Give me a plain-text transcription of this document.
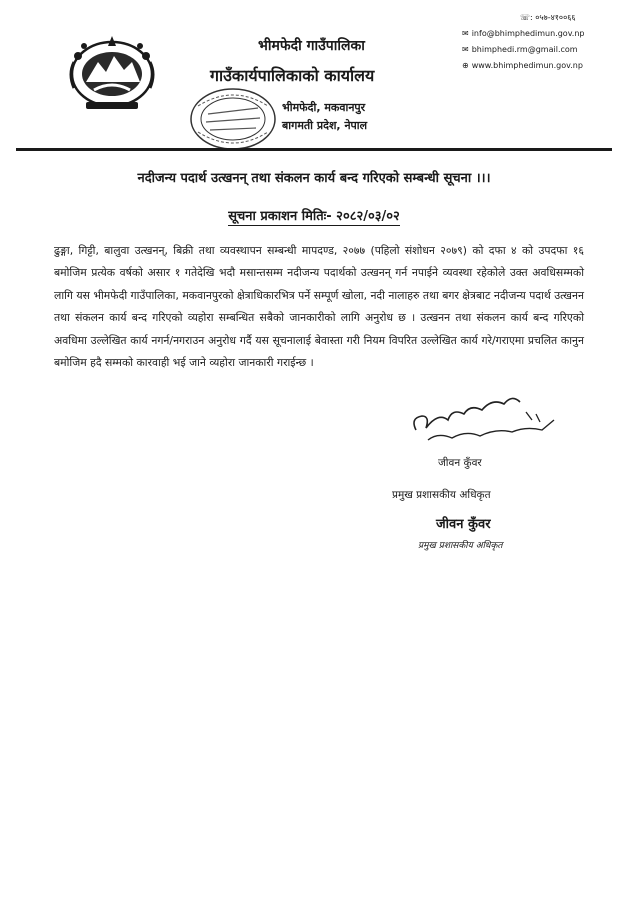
भीमफेदी गाउँपालिका
गाउँकार्यपालिकाको कार्यालय
भीमफेदी, मकवानपुर
बागमती प्रदेश, नेपाल
☏: ०५७-४१००६६
✉ info@bhimphedimun.gov.np
✉ bhimphedi.rm@gmail.com
⊕ www.bhimphedimun.gov.np
नदीजन्य पदार्थ उत्खनन् तथा संकलन कार्य बन्द गरिएको सम्बन्धी सूचना ।।।
सूचना प्रकाशन मितिः- २०८२/०३/०२
ढुङ्गा, गिट्टी, बालुवा उत्खनन्, बिक्री तथा व्यवस्थापन सम्बन्धी मापदण्ड, २०७७ (पहिलो संशोधन २०७९) को दफा ४ को उपदफा १६ बमोजिम प्रत्येक वर्षको असार १ गतेदेखि भदौ मसान्तसम्म नदीजन्य पदार्थको उत्खनन् गर्न नपाईने व्यवस्था रहेकोले उक्त अवधिसम्मको लागि यस भीमफेदी गाउँपालिका, मकवानपुरको क्षेत्राधिकारभित्र पर्ने सम्पूर्ण खोला, नदी नालाहरु तथा बगर क्षेत्रबाट नदीजन्य पदार्थ उत्खनन तथा संकलन कार्य बन्द गरिएको व्यहोरा सम्बन्धित सबैको जानकारीको लागि अनुरोध छ । उत्खनन तथा संकलन कार्य बन्द गरिएको अवधिमा उल्लेखित कार्य नगर्न/नगराउन अनुरोध गर्दै यस सूचनालाई बेवास्ता गरी नियम विपरित उल्लेखित कार्य गरे/गराएमा प्रचलित कानुन बमोजिम हदै सम्मको कारवाही भई जाने व्यहोरा जानकारी गराईन्छ ।
जीवन कुँवर
प्रमुख प्रशासकीय अधिकृत
जीवन कुँवर
प्रमुख प्रशासकीय अधिकृत
